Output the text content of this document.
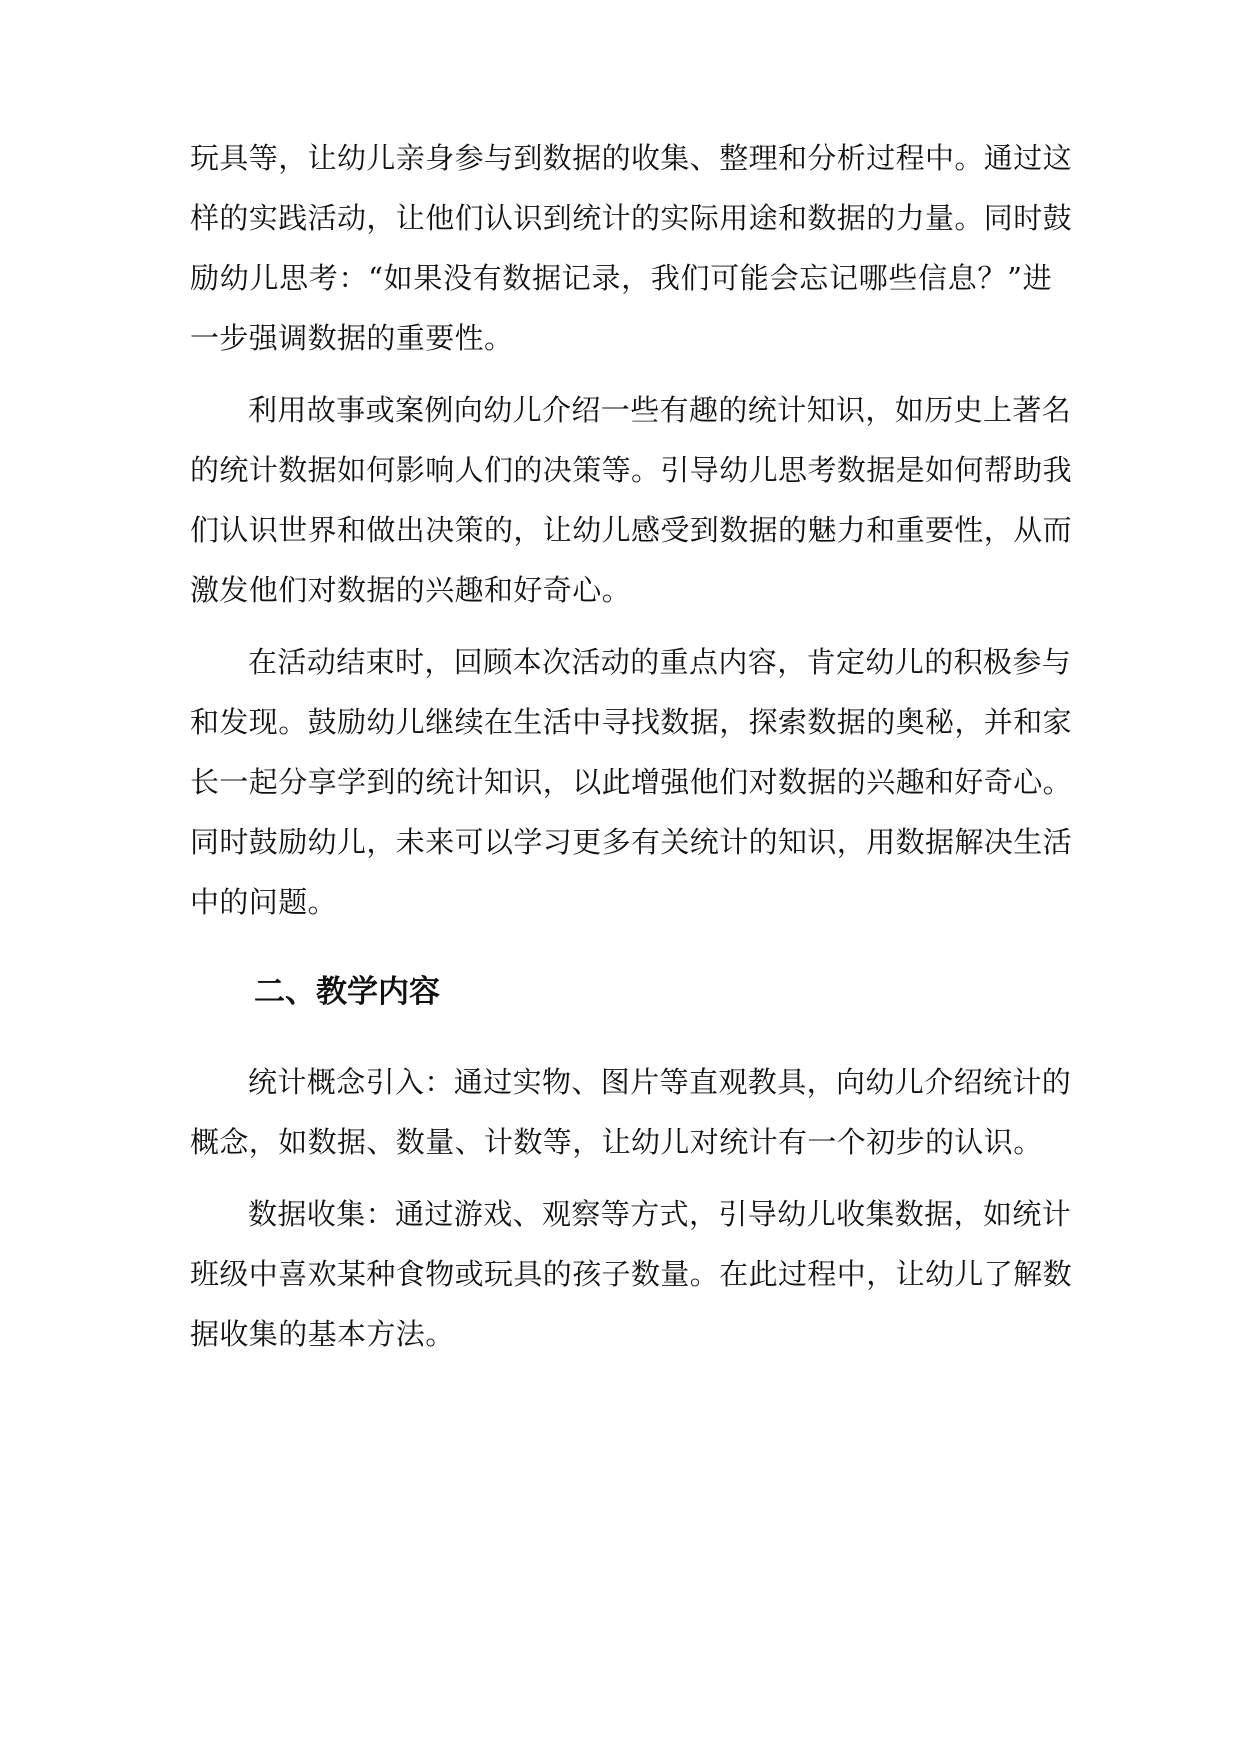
玩具等，让幼儿亲身参与到数据的收集、整理和分析过程中。通过这
样的实践活动，让他们认识到统计的实际用途和数据的力量。同时鼓
励幼儿思考：“如果没有数据记录，我们可能会忘记哪些信息？”进
一步强调数据的重要性。
利用故事或案例向幼儿介绍一些有趣的统计知识，如历史上著名
的统计数据如何影响人们的决策等。引导幼儿思考数据是如何帮助我
们认识世界和做出决策的，让幼儿感受到数据的魅力和重要性，从而
激发他们对数据的兴趣和好奇心。
在活动结束时，回顾本次活动的重点内容，肯定幼儿的积极参与
和发现。鼓励幼儿继续在生活中寻找数据，探索数据的奥秘，并和家
长一起分享学到的统计知识，以此增强他们对数据的兴趣和好奇心。
同时鼓励幼儿，未来可以学习更多有关统计的知识，用数据解决生活
中的问题。
二、教学内容
统计概念引入：通过实物、图片等直观教具，向幼儿介绍统计的
概念，如数据、数量、计数等，让幼儿对统计有一个初步的认识。
数据收集：通过游戏、观察等方式，引导幼儿收集数据，如统计
班级中喜欢某种食物或玩具的孩子数量。在此过程中，让幼儿了解数
据收集的基本方法。
